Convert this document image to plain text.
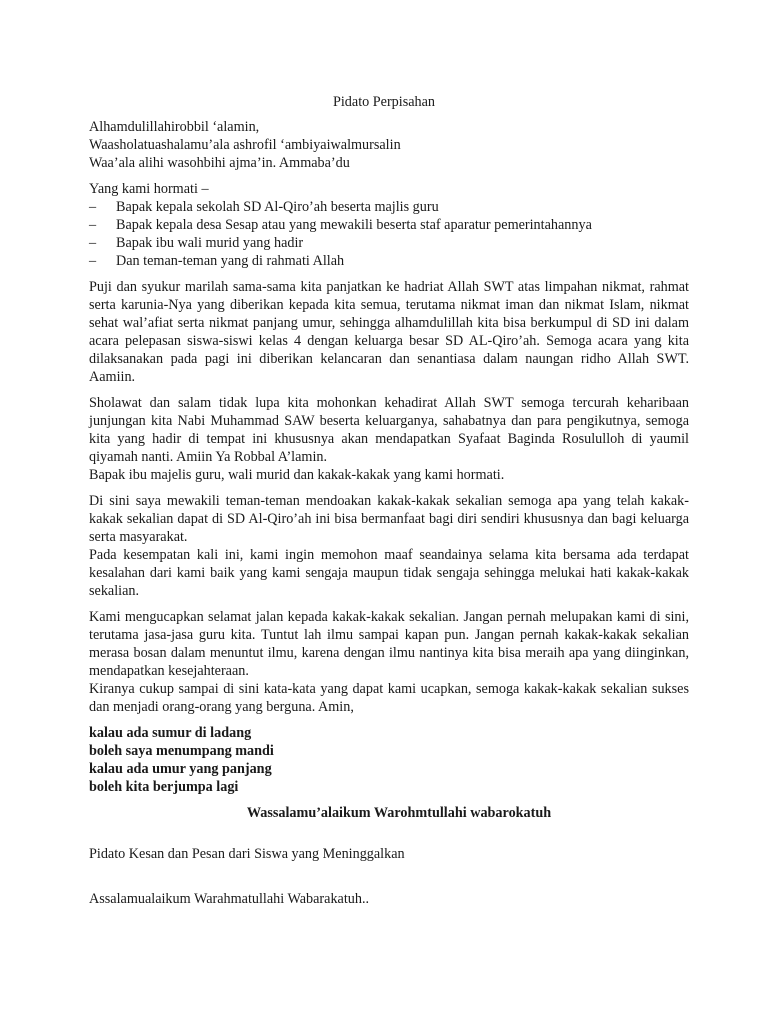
Pidato Perpisahan
Alhamdulillahirobbil ‘alamin,
Waasholatuashalamu’ala ashrofil ‘ambiyaiwalmursalin
Waa’ala alihi wasohbihi ajma’in. Ammaba’du
Yang kami hormati –
– Bapak kepala sekolah SD Al-Qiro’ah beserta majlis guru
– Bapak kepala desa Sesap atau yang mewakili beserta staf aparatur pemerintahannya
– Bapak ibu wali murid yang hadir
– Dan teman-teman yang di rahmati Allah

Puji dan syukur marilah sama-sama kita panjatkan ke hadriat Allah SWT atas limpahan nikmat, rahmat serta karunia-Nya yang diberikan kepada kita semua, terutama nikmat iman dan nikmat Islam, nikmat sehat wal’afiat serta nikmat panjang umur, sehingga alhamdulillah kita bisa berkumpul di SD ini dalam acara pelepasan siswa-siswi kelas 4 dengan keluarga besar SD AL-Qiro’ah. Semoga acara yang kita dilaksanakan pada pagi ini diberikan kelancaran dan senantiasa dalam naungan ridho Allah SWT. Aamiin.

Sholawat dan salam tidak lupa kita mohonkan kehadirat Allah SWT semoga tercurah keharibaan junjungan kita Nabi Muhammad SAW beserta keluarganya, sahabatnya dan para pengikutnya, semoga kita yang hadir di tempat ini khususnya akan mendapatkan Syafaat Baginda Rosululloh di yaumil qiyamah nanti. Amiin Ya Robbal A’lamin.

Bapak ibu majelis guru, wali murid dan kakak-kakak yang kami hormati.

Di sini saya mewakili teman-teman mendoakan kakak-kakak sekalian semoga apa yang telah kakak-kakak sekalian dapat di SD Al-Qiro’ah ini bisa bermanfaat bagi diri sendiri khususnya dan bagi keluarga serta masyarakat.

Pada kesempatan kali ini, kami ingin memohon maaf seandainya selama kita bersama ada terdapat kesalahan dari kami baik yang kami sengaja maupun tidak sengaja sehingga melukai hati kakak-kakak sekalian.

Kami mengucapkan selamat jalan kepada kakak-kakak sekalian. Jangan pernah melupakan kami di sini, terutama jasa-jasa guru kita. Tuntut lah ilmu sampai kapan pun. Jangan pernah kakak-kakak sekalian merasa bosan dalam menuntut ilmu, karena dengan ilmu nantinya kita bisa meraih apa yang diinginkan, mendapatkan kesejahteraan.

Kiranya cukup sampai di sini kata-kata yang dapat kami ucapkan, semoga kakak-kakak sekalian sukses dan menjadi orang-orang yang berguna. Amin,

kalau ada sumur di ladang
boleh saya menumpang mandi
kalau ada umur yang panjang
boleh kita berjumpa lagi

Wassalamu’alaikum Warohmtullahi wabarokatuh

Pidato Kesan dan Pesan dari Siswa yang Meninggalkan
Assalamualaikum Warahmatullahi Wabarakatuh..
